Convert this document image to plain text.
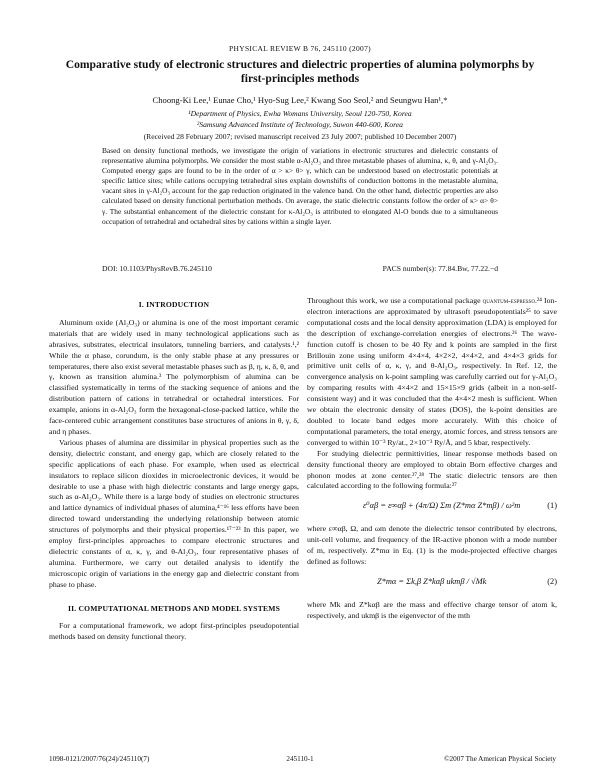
PHYSICAL REVIEW B 76, 245110 (2007)
Comparative study of electronic structures and dielectric properties of alumina polymorphs by first-principles methods
Choong-Ki Lee,¹ Eunae Cho,¹ Hyo-Sug Lee,² Kwang Soo Seol,² and Seungwu Han¹,*
¹Department of Physics, Ewha Womans University, Seoul 120-750, Korea
²Samsung Advanced Institute of Technology, Suwon 440-600, Korea
(Received 28 February 2007; revised manuscript received 23 July 2007; published 10 December 2007)
Based on density functional methods, we investigate the origin of variations in electronic structures and dielectric constants of representative alumina polymorphs. We consider the most stable α-Al₂O₃ and three metastable phases of alumina, κ, θ, and γ-Al₂O₃. Computed energy gaps are found to be in the order of α > κ> θ> γ, which can be understood based on electrostatic potentials at specific lattice sites; while cations occupying tetrahedral sites explain downshifts of conduction bottoms in the metastable alumina, vacant sites in γ-Al₂O₃ account for the gap reduction originated in the valence band. On the other hand, dielectric properties are also calculated based on density functional perturbation methods. On average, the static dielectric constants follow the order of κ> α> θ> γ. The substantial enhancement of the dielectric constant for κ-Al₂O₃ is attributed to elongated Al-O bonds due to a simultaneous occupation of tetrahedral and octahedral sites by cations within a single layer.
DOI: 10.1103/PhysRevB.76.245110	PACS number(s): 77.84.Bw, 77.22.−d
I. INTRODUCTION

Aluminum oxide (Al₂O₃) or alumina is one of the most important ceramic materials that are widely used in many technological applications such as abrasives, substrates, electrical insulators, tunneling barriers, and catalysts.¹,² While the α phase, corundum, is the only stable phase at any pressures or temperatures, there also exist several metastable phases such as β, η, κ, δ, θ, and γ, known as transition alumina.³ The polymorphism of alumina can be classified systematically in terms of the stacking sequence of anions and the distribution pattern of cations in tetrahedral or octahedral interstices. For example, anions in α-Al₂O₃ form the hexagonal-close-packed lattice, while the face-centered cubic arrangement constitutes base structures of anions in θ, γ, δ, and η phases.

Various phases of alumina are dissimilar in physical properties such as the density, dielectric constant, and energy gap, which are closely related to the specific applications of each phase. For example, when used as electrical insulators to replace silicon dioxides in microelectronic devices, it would be desirable to use a phase with high dielectric constants and large energy gaps, such as α-Al₂O₃. While there is a large body of studies on electronic structures and lattice dynamics of individual phases of alumina,⁴⁻¹⁶ less efforts have been directed toward understanding the underlying relationship between atomic structures of polymorphs and their physical properties.¹⁷⁻²³ In this paper, we employ first-principles approaches to compare electronic structures and dielectric constants of α, κ, γ, and θ-Al₂O₃, four representative phases of alumina. Furthermore, we carry out detailed analysis to identify the microscopic origin of variations in the energy gap and dielectric constant from phase to phase.

II. COMPUTATIONAL METHODS AND MODEL SYSTEMS

For a computational framework, we adopt first-principles pseudopotential methods based on density functional theory.

Throughout this work, we use a computational package quantum-espresso.²⁴ Ion-electron interactions are approximated by ultrasoft pseudopotentials²⁵ to save computational costs and the local density approximation (LDA) is employed for the description of exchange-correlation energies of electrons.²⁶ The wave-function cutoff is chosen to be 40 Ry and k points are sampled in the first Brillouin zone using uniform 4×4×4, 4×2×2, 4×4×2, and 4×4×3 grids for primitive unit cells of α, κ, γ, and θ-Al₂O₃, respectively. In Ref. 12, the convergence analysis on k-point sampling was carefully carried out for γ-Al₂O₃ by comparing results with 4×4×2 and 15×15×9 grids (albeit in a non-self-consistent way) and it was concluded that the 4×4×2 mesh is sufficient. When we obtain the electronic density of states (DOS), the k-point densities are doubled to locate band edges more accurately. With this choice of computational parameters, the total energy, atomic forces, and stress tensors are converged to within 10⁻³ Ry/at., 2×10⁻³ Ry/Å, and 5 kbar, respectively.

For studying dielectric permittivities, linear response methods based on density functional theory are employed to obtain Born effective charges and phonon modes at zone center.²⁷,²⁸ The static dielectric tensors are then calculated according to the following formula:²⁷

ε⁰αβ = ε∞αβ + (4π/Ω) Σm (Z*mα Z*mβ) / ω²m	(1)

where ε∞αβ, Ω, and ωm denote the dielectric tensor contributed by electrons, unit-cell volume, and frequency of the IR-active phonon with a mode number of m, respectively. Z*mα in Eq. (1) is the mode-projected effective charges defined as follows:

Z*mα = Σk,β Z*kαβ ukmβ / √Mk	(2)

where Mk and Z*kαβ are the mass and effective charge tensor of atom k, respectively, and ukmβ is the eigenvector of the mth

1098-0121/2007/76(24)/245110(7)	245110-1	©2007 The American Physical Society
